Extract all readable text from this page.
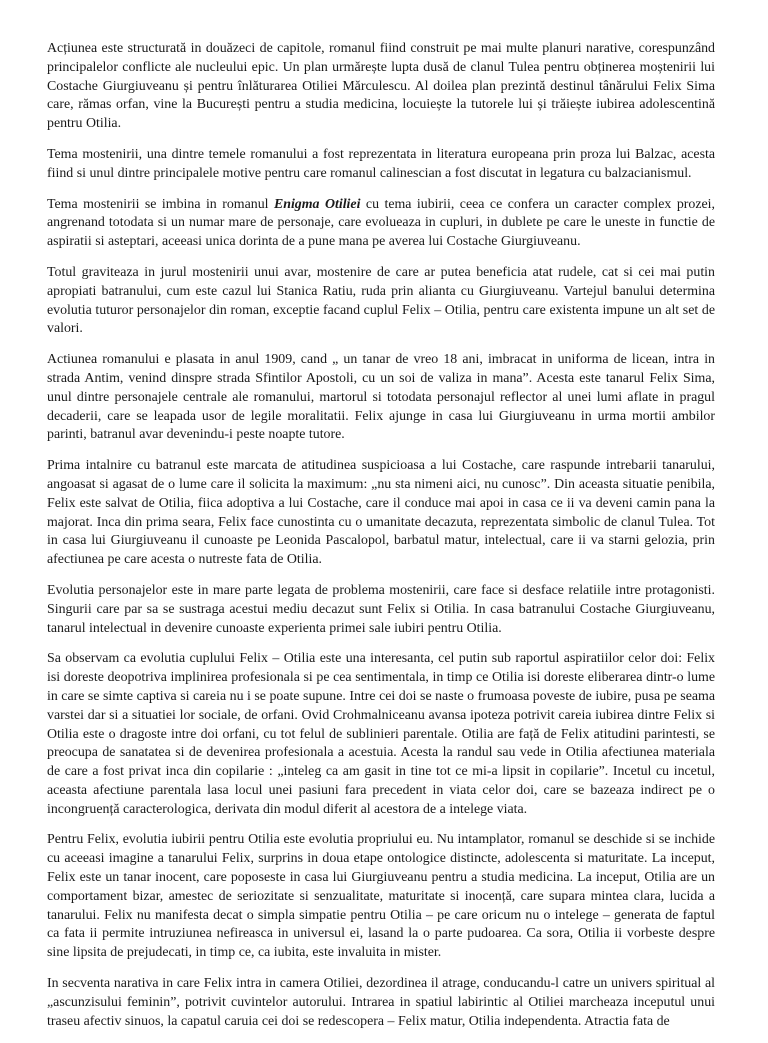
Acțiunea este structurată in douăzeci de capitole, romanul fiind construit pe mai multe planuri narative, corespunzând principalelor conflicte ale nucleului epic. Un plan urmărește lupta dusă de clanul Tulea pentru obținerea moștenirii lui Costache Giurgiuveanu și pentru înlăturarea Otiliei Mărculescu. Al doilea plan prezintă destinul tânărului Felix Sima care, rămas orfan, vine la București pentru a studia medicina, locuiește la tutorele lui și trăiește iubirea adolescentină pentru Otilia.

Tema mostenirii, una dintre temele romanului a fost reprezentata in literatura europeana prin proza lui Balzac, acesta fiind si unul dintre principalele motive pentru care romanul calinescian a fost discutat in legatura cu balzacianismul.

Tema mostenirii se imbina in romanul Enigma Otiliei cu tema iubirii, ceea ce confera un caracter complex prozei, angrenand totodata si un numar mare de personaje, care evolueaza in cupluri, in dublete pe care le uneste in functie de aspiratii si asteptari, aceeasi unica dorinta de a pune mana pe averea lui Costache Giurgiuveanu.

Totul graviteaza in jurul mostenirii unui avar, mostenire de care ar putea beneficia atat rudele, cat si cei mai putin apropiati batranului, cum este cazul lui Stanica Ratiu, ruda prin alianta cu Giurgiuveanu. Vartejul banului determina evolutia tuturor personajelor din roman, exceptie facand cuplul Felix – Otilia, pentru care existenta impune un alt set de valori.

Actiunea romanului e plasata in anul 1909, cand „ un tanar de vreo 18 ani, imbracat in uniforma de licean, intra in strada Antim, venind dinspre strada Sfintilor Apostoli, cu un soi de valiza in mana”. Acesta este tanarul Felix Sima, unul dintre personajele centrale ale romanului, martorul si totodata personajul reflector al unei lumi aflate in pragul decaderii, care se leapada usor de legile moralitatii. Felix ajunge in casa lui Giurgiuveanu in urma mortii ambilor parinti, batranul avar devenindu-i peste noapte tutore.

Prima intalnire cu batranul este marcata de atitudinea suspicioasa a lui Costache, care raspunde intrebarii tanarului, angoasat si agasat de o lume care il solicita la maximum: „nu sta nimeni aici, nu cunosc”. Din aceasta situatie penibila, Felix este salvat de Otilia, fiica adoptiva a lui Costache, care il conduce mai apoi in casa ce ii va deveni camin pana la majorat. Inca din prima seara, Felix face cunostinta cu o umanitate decazuta, reprezentata simbolic de clanul Tulea. Tot in casa lui Giurgiuveanu il cunoaste pe Leonida Pascalopol, barbatul matur, intelectual, care ii va starni gelozia, prin afectiunea pe care acesta o nutreste fata de Otilia.

Evolutia personajelor este in mare parte legata de problema mostenirii, care face si desface relatiile intre protagonisti. Singurii care par sa se sustraga acestui mediu decazut sunt Felix si Otilia. In casa batranului Costache Giurgiuveanu, tanarul intelectual in devenire cunoaste experienta primei sale iubiri pentru Otilia.

Sa observam ca evolutia cuplului Felix – Otilia este una interesanta, cel putin sub raportul aspiratiilor celor doi: Felix isi doreste deopotriva implinirea profesionala si pe cea sentimentala, in timp ce Otilia isi doreste eliberarea dintr-o lume in care se simte captiva si careia nu i se poate supune. Intre cei doi se naste o frumoasa poveste de iubire, pusa pe seama varstei dar si a situatiei lor sociale, de orfani. Ovid Crohmalniceanu avansa ipoteza potrivit careia iubirea dintre Felix si Otilia este o dragoste intre doi orfani, cu tot felul de sublinieri parentale. Otilia are față de Felix atitudini parintesti, se preocupa de sanatatea si de devenirea profesionala a acestuia. Acesta la randul sau vede in Otilia afectiunea materiala de care a fost privat inca din copilarie : „inteleg ca am gasit in tine tot ce mi-a lipsit in copilarie”. Incetul cu incetul, aceasta afectiune parentala lasa locul unei pasiuni fara precedent in viata celor doi, care se bazeaza indirect pe o incongruență caracterologica, derivata din modul diferit al acestora de a intelege viata.

Pentru Felix, evolutia iubirii pentru Otilia este evolutia propriului eu. Nu intamplator, romanul se deschide si se inchide cu aceeasi imagine a tanarului Felix, surprins in doua etape ontologice distincte, adolescenta si maturitate. La inceput, Felix este un tanar inocent, care poposeste in casa lui Giurgiuveanu pentru a studia medicina. La inceput, Otilia are un comportament bizar, amestec de seriozitate si senzualitate, maturitate si inocență, care supara mintea clara, lucida a tanarului. Felix nu manifesta decat o simpla simpatie pentru Otilia – pe care oricum nu o intelege – generata de faptul ca fata ii permite intruziunea nefireasca in universul ei, lasand la o parte pudoarea. Ca sora, Otilia ii vorbeste despre sine lipsita de prejudecati, in timp ce, ca iubita, este invaluita in mister.

In secventa narativa in care Felix intra in camera Otiliei, dezordinea il atrage, conducandu-l catre un univers spiritual al „ascunzisului feminin”, potrivit cuvintelor autorului. Intrarea in spatiul labirintic al Otiliei marcheaza inceputul unui traseu afectiv sinuos, la capatul caruia cei doi se redescopera – Felix matur, Otilia independenta. Atractia fata de
